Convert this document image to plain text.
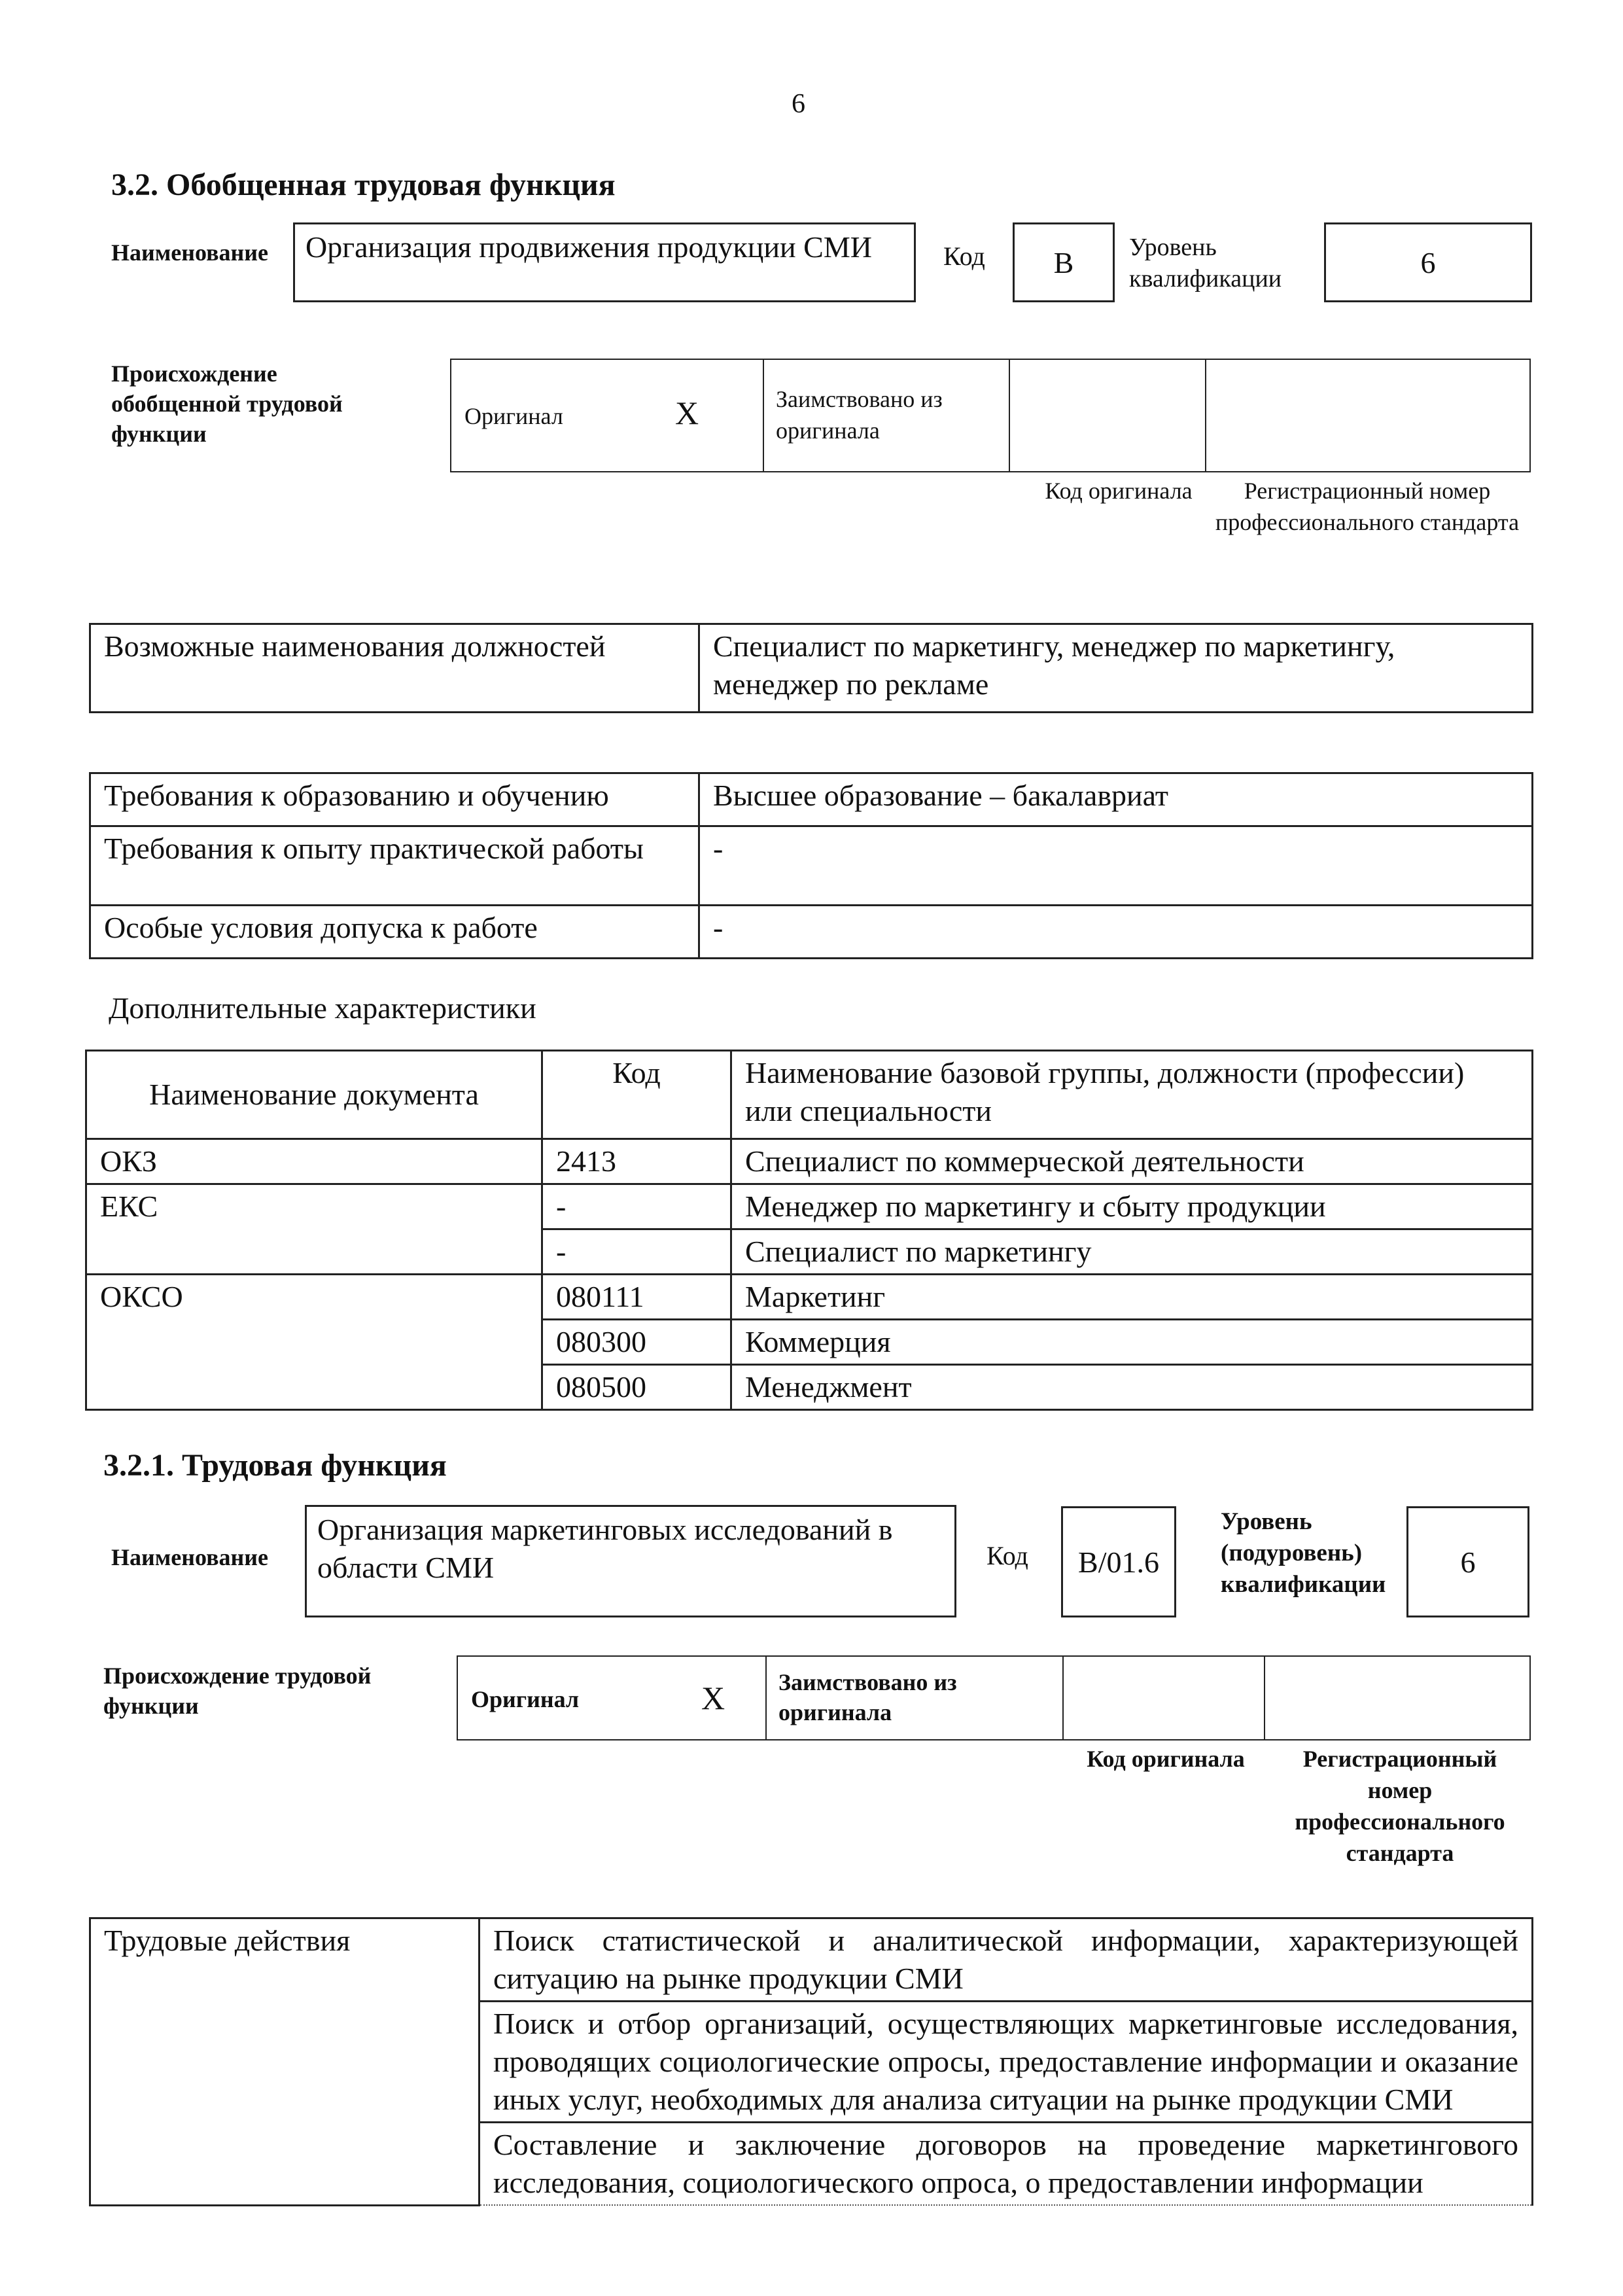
6
3.2. Обобщенная трудовая функция
Наименование	Организация продвижения продукции СМИ	Код B Уровень квалификации	6
Происхождение обобщенной трудовой функции
Оригинал	X	Заимствовано из оригинала
Код оригинала	Регистрационный номер профессионального стандарта
Возможные наименования должностей	Специалист по маркетингу, менеджер по маркетингу, менеджер по рекламе
Требования к образованию и обучению	Высшее образование – бакалавриат
Требования к опыту практической работы	-
Особые условия допуска к работе	-
Дополнительные характеристики
Наименование документа	Код	Наименование базовой группы, должности (профессии) или специальности
ОКЗ	2413	Специалист по коммерческой деятельности
ЕКС	-	Менеджер по маркетингу и сбыту продукции
	-	Специалист по маркетингу
ОКСО	080111	Маркетинг
	080300	Коммерция
	080500	Менеджмент
3.2.1. Трудовая функция
Наименование
Организация маркетинговых исследований в области СМИ	Код B/01.6
Уровень (подуровень) квалификации
6
Происхождение трудовой функции	Оригинал	X Заимствовано из оригинала
Код оригинала	Регистрационный номер профессионального стандарта
Трудовые действия	Поиск статистической и аналитической информации, характеризующей ситуацию на рынке продукции СМИ
Поиск и отбор организаций, осуществляющих маркетинговые исследования, проводящих социологические опросы, предоставление информации и оказание иных услуг, необходимых для анализа ситуации на рынке продукции СМИ
Составление и заключение договоров на проведение маркетингового исследования, социологического опроса, о предоставлении информации
